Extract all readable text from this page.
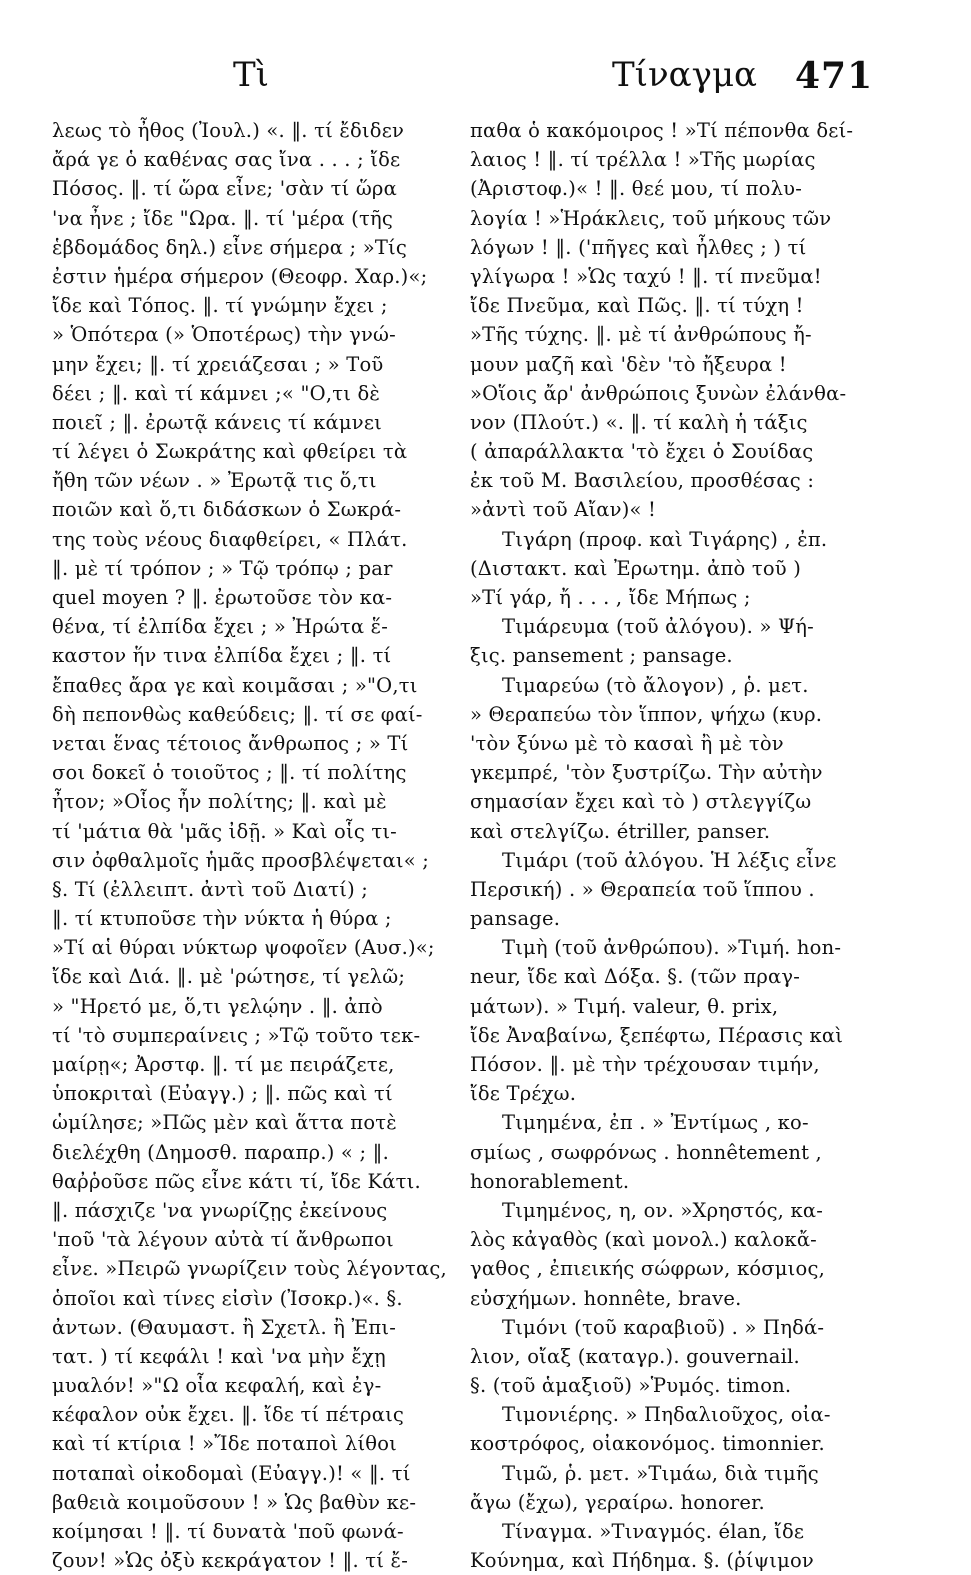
Τὶ	Τίναγμα 471
λεως τὸ ἦθος (Ἰουλ.) «. ‖. τί ἔδιδεν
ἄρά γε ὁ καθένας σας ἴνα . . . ; ἴδε
Πόσος. ‖. τί ὥρα εἶνε; 'σὰν τί ὥρα
'να ἦνε ; ἴδε "Ωρα. ‖. τί 'μέρα (τῆς
ἑβδομάδος δηλ.) εἶνε σήμερα ; »Τίς
ἐστιν ἡμέρα σήμερον (Θεοφρ. Χαρ.)«;
ἴδε καὶ Τόπος. ‖. τί γνώμην ἔχει ;
» Ὁπότερα (» Ὁποτέρως) τὴν γνώ-
μην ἔχει; ‖. τί χρειάζεσαι ; » Τοῦ
δέει ; ‖. καὶ τί κάμνει ;« "Ο,τι δὲ
ποιεῖ ; ‖. ἐρωτᾷ κάνεις τί κάμνει
τί λέγει ὁ Σωκράτης καὶ φθείρει τὰ
ἤθη τῶν νέων . » Ἐρωτᾷ τις ὅ,τι
ποιῶν καὶ ὅ,τι διδάσκων ὁ Σωκρά-
της τοὺς νέους διαφθείρει, « Πλάτ.
‖. μὲ τί τρόπον ; » Τῷ τρόπῳ ; par
quel moyen ? ‖. ἐρωτοῦσε τὸν κα-
θένα, τί ἐλπίδα ἔχει ; » Ἠρώτα ἕ-
καστον ἥν τινα ἐλπίδα ἔχει ; ‖. τί
ἔπαθες ἄρα γε καὶ κοιμᾶσαι ; »"Ο,τι
δὴ πεπονθὼς καθεύδεις; ‖. τί σε φαί-
νεται ἕνας τέτοιος ἄνθρωπος ; » Τί
σοι δοκεῖ ὁ τοιοῦτος ; ‖. τί πολίτης
ἦτον; »Οἷος ἦν πολίτης; ‖. καὶ μὲ
τί 'μάτια θὰ 'μᾶς ἰδῇ. » Καὶ οἷς τι-
σιν ὀφθαλμοῖς ἡμᾶς προσβλέψεται« ;
§. Τί (ἐλλειπτ. ἀντὶ τοῦ Διατί) ;
‖. τί κτυποῦσε τὴν νύκτα ἡ θύρα ;
»Τί αἱ θύραι νύκτωρ ψοφοῖεν (Αυσ.)«;
ἴδε καὶ Διά. ‖. μὲ 'ρώτησε, τί γελῶ;
» "Ηρετό με, ὅ,τι γελῴην . ‖. ἀπὸ
τί 'τὸ συμπεραίνεις ; »Τῷ τοῦτο τεκ-
μαίρῃ«; Ἀρστφ. ‖. τί με πειράζετε,
ὑποκριταὶ (Εὐαγγ.) ; ‖. πῶς καὶ τί
ὡμίλησε; »Πῶς μὲν καὶ ἅττα ποτὲ
διελέχθη (Δημοσθ. παραπρ.) « ; ‖.
θαῤῥοῦσε πῶς εἶνε κάτι τί, ἴδε Κάτι.
‖. πάσχιζε 'να γνωρίζῃς ἐκείνους
'ποῦ 'τὰ λέγουν αὐτὰ τί ἄνθρωποι
εἶνε. »Πειρῶ γνωρίζειν τοὺς λέγοντας,
ὁποῖοι καὶ τίνες εἰσὶν (Ἰσοκρ.)«. §.
ἀντων. (Θαυμαστ. ἢ Σχετλ. ἢ Ἐπι-
τατ. ) τί κεφάλι ! καὶ 'να μὴν ἔχῃ
μυαλόν! »"Ω οἷα κεφαλή, καὶ ἐγ-
κέφαλον οὐκ ἔχει. ‖. ἴδε τί πέτραις
καὶ τί κτίρια ! »Ἴδε ποταποὶ λίθοι
ποταπαὶ οἰκοδομαὶ (Εὐαγγ.)! « ‖. τί
βαθειὰ κοιμοῦσουν ! » Ὡς βαθὺν κε-
κοίμησαι ! ‖. τί δυνατὰ 'ποῦ φωνά-
ζουν! »Ὡς ὀξὺ κεκράγατον ! ‖. τί ἔ-
παθα ὁ κακόμοιρος ! »Τί πέπονθα δεί-
λαιος ! ‖. τί τρέλλα ! »Τῆς μωρίας
(Ἀριστοφ.)« ! ‖. θεέ μου, τί πολυ-
λογία ! »Ἡράκλεις, τοῦ μήκους τῶν
λόγων ! ‖. ('πῆγες καὶ ἦλθες ; ) τί
γλίγωρα ! »Ὡς ταχύ ! ‖. τί πνεῦμα!
ἴδε Πνεῦμα, καὶ Πῶς. ‖. τί τύχη !
»Τῆς τύχης. ‖. μὲ τί ἀνθρώπους ἤ-
μουν μαζῆ καὶ 'δὲν 'τὸ ἤξευρα !
»Οἵοις ἄρ' ἀνθρώποις ξυνὼν ἐλάνθα-
νον (Πλούτ.) «. ‖. τί καλὴ ἡ τάξις
( ἀπαράλλακτα 'τὸ ἔχει ὁ Σουίδας
ἐκ τοῦ Μ. Βασιλείου, προσθέσας :
»ἀντὶ τοῦ Αἴαν)« !
Τιγάρη (προφ. καὶ Τιγάρης) , ἐπ.
(Διστακτ. καὶ Ἐρωτημ. ἀπὸ τοῦ )
»Τί γάρ, ἤ . . . , ἴδε Μήπως ;
Τιμάρευμα (τοῦ ἀλόγου). » Ψή-
ξις. pansement ; pansage.
Τιμαρεύω (τὸ ἄλογον) , ῥ. μετ.
» Θεραπεύω τὸν ἵππον, ψήχω (κυρ.
'τὸν ξύνω μὲ τὸ κασαὶ ἢ μὲ τὸν
γκεμπρέ, 'τὸν ξυστρίζω. Τὴν αὐτὴν
σημασίαν ἔχει καὶ τὸ ) στλεγγίζω
καὶ στελγίζω. étriller, panser.
Τιμάρι (τοῦ ἀλόγου. Ἡ λέξις εἶνε
Περσική) . » Θεραπεία τοῦ ἵππου .
pansage.
Τιμὴ (τοῦ ἀνθρώπου). »Τιμή. hon-
neur, ἴδε καὶ Δόξα. §. (τῶν πραγ-
μάτων). » Τιμή. valeur, θ. prix,
ἴδε Ἀναβαίνω, ξεπέφτω, Πέρασις καὶ
Πόσον. ‖. μὲ τὴν τρέχουσαν τιμήν,
ἴδε Τρέχω.
Τιμημένα, ἐπ . » Ἐντίμως , κο-
σμίως , σωφρόνως . honnêtement ,
honorablement.
Τιμημένος, η, ον. »Χρηστός, κα-
λὸς κἀγαθὸς (καὶ μονολ.) καλοκἄ-
γαθος , ἐπιεικής σώφρων, κόσμιος,
εὐσχήμων. honnête, brave.
Τιμόνι (τοῦ καραβιοῦ) . » Πηδά-
λιον, οἴαξ (καταγρ.). gouvernail.
§. (τοῦ ἁμαξιοῦ) »Ῥυμός. timon.
Τιμονιέρης. » Πηδαλιοῦχος, οἰα-
κοστρόφος, οἰακονόμος. timonnier.
Τιμῶ, ῥ. μετ. »Τιμάω, διὰ τιμῆς
ἄγω (ἔχω), γεραίρω. honorer.
Τίναγμα. »Τιναγμός. élan, ἴδε
Κούνημα, καὶ Πήδημα. §. (ῥίψιμον
